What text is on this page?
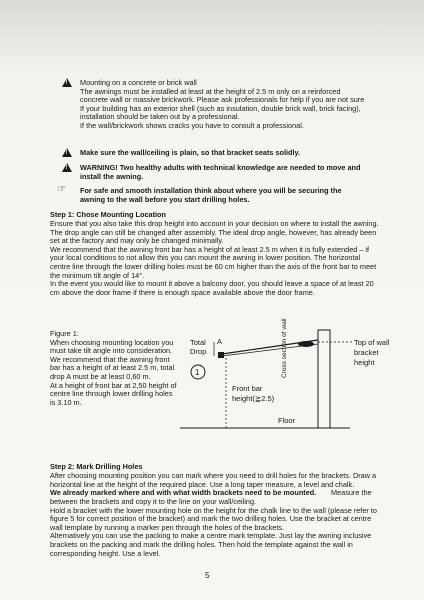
!
!
!
☞
Mounting on a concrete or brick wall
The awnings must be installed at least at the height of 2.5 m only on a reinforced
concrete wall or massive brickwork. Please ask professionals for help if you are not sure
If your building has an exterior shell (such as insulation, double brick wall, brick facing),
installation should be taken out by a professional.
If the wall/brickwork shows cracks you have to consult a professional.
Make sure the wall/ceiling is plain, so that bracket seats solidly.
WARNING! Two healthy adults with technical knowledge are needed to move and
install the awning.
For safe and smooth installation think about where you will be securing the
awning to the wall before you start drilling holes.
Step 1: Chose Mounting Location
Ensure that you also take this drop height into account in your decision on where to install the awning.
The drop angle can still be changed after assembly. The ideal drop angle, however, has already been
set at the factory and may only be changed minimally.
We recommend that the awning front bar has a height of at least 2.5 m when it is fully extended – if
your local conditions to not allow this you can mount the awning in lower position. The horizontal
centre line through the lower drilling holes must be 60 cm higher than the axis of the front bar to meet
the minimum tilt angle of 14°.
In the event you would like to mount it above a balcony door, you should leave a space of at least 20
cm above the door frame if there is enough space available above the door frame.
Figure 1:
When choosing mounting location you
must take tilt angle into consideration.
We recommend that the awning front
bar has a height of at least 2.5 m, total
drop A must be at least 0,60 m.
At a height of front bar at 2,50 height of
centre line through lower drilling holes
is 3.10 m.
Step 2: Mark Drilling Holes
After choosing mounting position you can mark where you need to drill holes for the brackets. Draw a
horizontal line at the height of the required place. Use a long taper measure, a level and chalk.
We already marked where and with what width brackets need to be mounted.
between the brackets and copy it to the line on your wall/ceiling.
Hold a bracket with the lower mounting hole on the height for the chalk line to the wall (please refer to
figure 5 for correct position of the bracket) and mark the two drilling holes. Use the bracket at centre
wall template by running a marker pen through the holes of the brackets.
Alternatively you can use the packing to make a centre mark template. Just lay the awning inclusive
brackets on the packing and mark the drilling holes. Then hold the template against the wall in
corresponding height. Use a level.
Measure the
Total A
Drop
1
Front bar
height(≧2.5)
Floor
Cross section of wall	Top of wall
bracket
height
5
